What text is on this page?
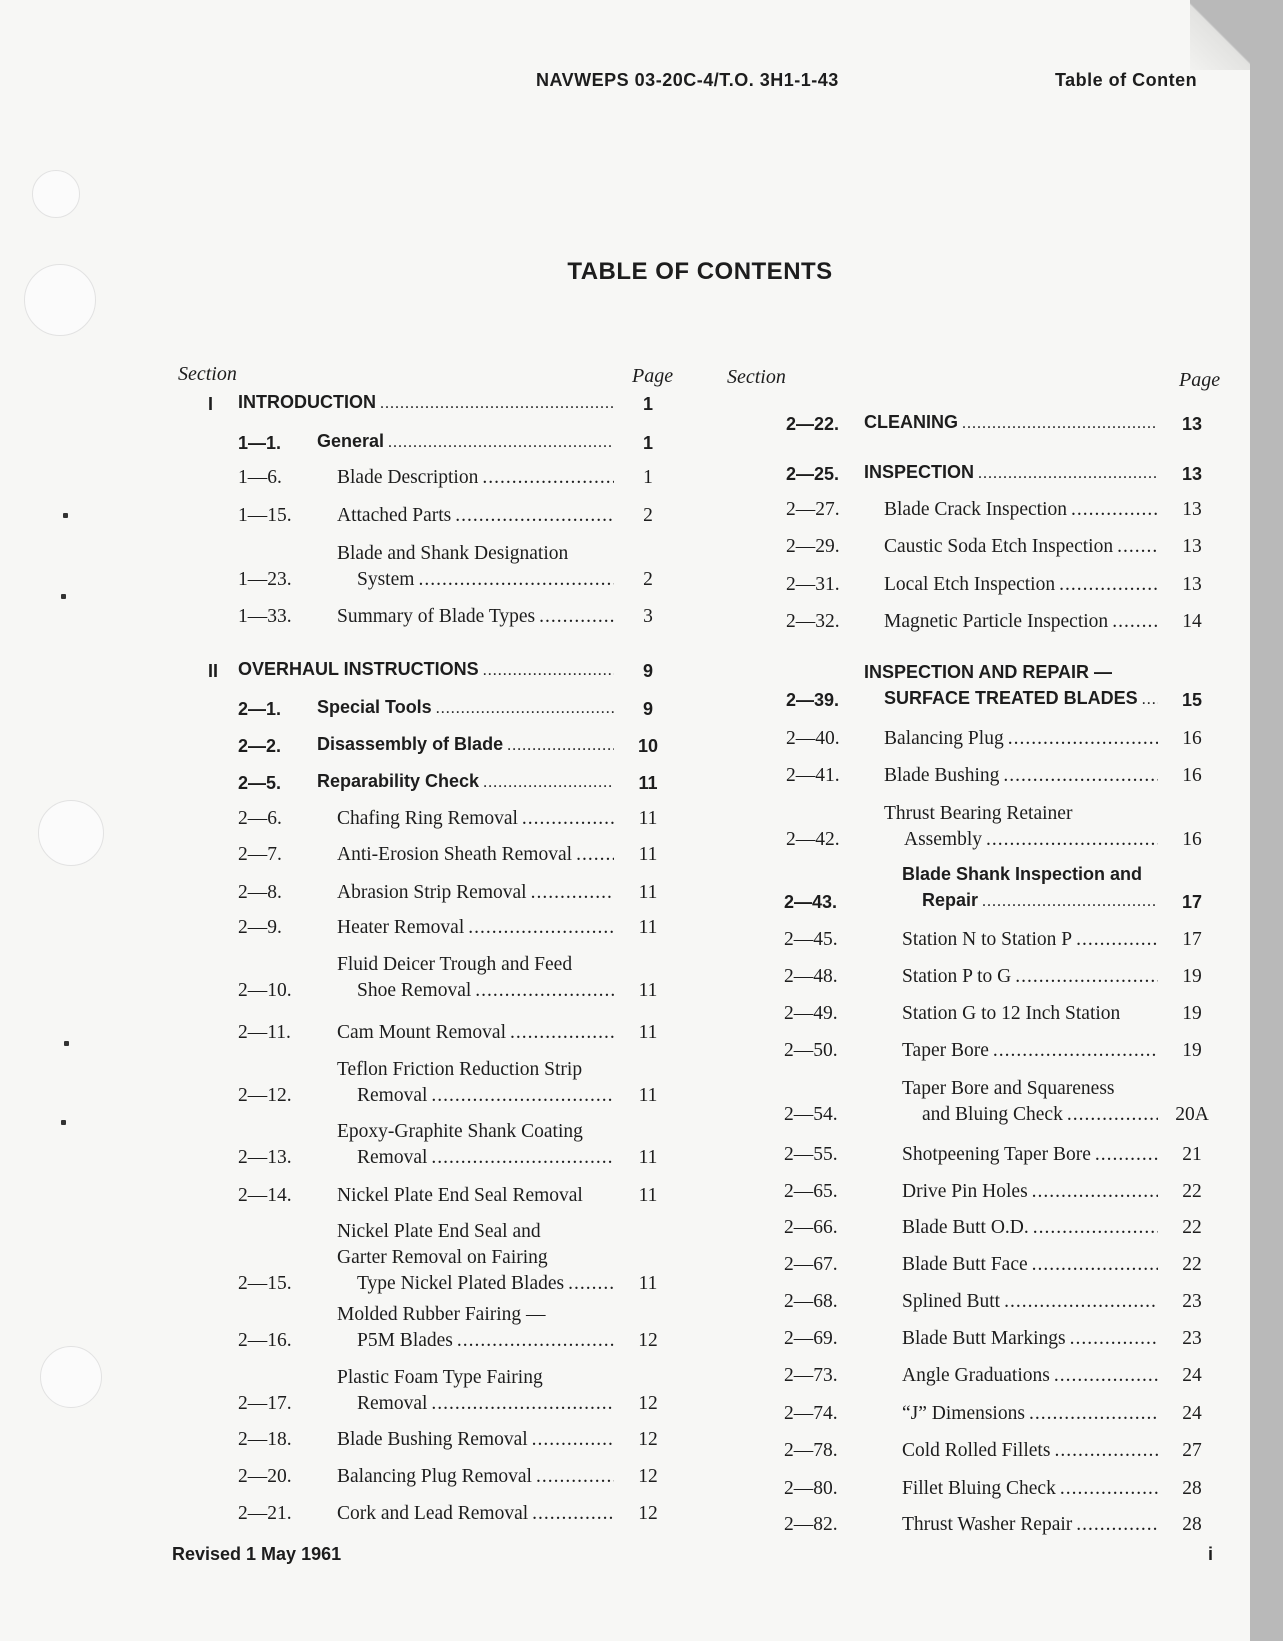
NAVWEPS 03-20C-4/T.O. 3H1-1-43	Table of Conten
TABLE OF CONTENTS
Section	Page	Section	Page
I	INTRODUCTION .....	1
1—1.	General .....	1
1—6.	Blade Description .....	1
1—15.	Attached Parts .....	2
1—23.
Blade and Shank Designation
System .....	2
1—33.	Summary of Blade Types .....	3
II	OVERHAUL INSTRUCTIONS .....	9
2—1.	Special Tools .....	9
2—2.	Disassembly of Blade .....	10
2—5.	Reparability Check .....	11
2—6.	Chafing Ring Removal .....	11
2—7.	Anti-Erosion Sheath Removal .....	11
2—8.	Abrasion Strip Removal .....	11
2—9.	Heater Removal .....	11
2—10.
Fluid Deicer Trough and Feed
Shoe Removal .....	11
2—11.	Cam Mount Removal .....	11
2—12.
Teflon Friction Reduction Strip
Removal .....	11
2—13.
Epoxy-Graphite Shank Coating
Removal .....	11
2—14.	Nickel Plate End Seal Removal	11
2—15.
Nickel Plate End Seal and
Garter Removal on Fairing
Type Nickel Plated Blades .....	11
2—16.
Molded Rubber Fairing —
P5M Blades .....	12
2—17.
Plastic Foam Type Fairing
Removal .....	12
2—18.	Blade Bushing Removal .....	12
2—20.	Balancing Plug Removal .....	12
2—21.	Cork and Lead Removal .....	12
2—22.	CLEANING .....	13
2—25.	INSPECTION .....	13
2—27.	Blade Crack Inspection .....	13
2—29.	Caustic Soda Etch Inspection .....	13
2—31.	Local Etch Inspection .....	13
2—32.	Magnetic Particle Inspection .....	14
2—39.
INSPECTION AND REPAIR —
SURFACE TREATED BLADES .....	15
2—40.	Balancing Plug .....	16
2—41.	Blade Bushing .....	16
2—42.
Thrust Bearing Retainer
Assembly .....	16
2—43.
Blade Shank Inspection and
Repair .....	17
2—45.	Station N to Station P .....	17
2—48.	Station P to G .....	19
2—49.	Station G to 12 Inch Station	19
2—50.	Taper Bore .....	19
2—54.
Taper Bore and Squareness
and Bluing Check .....	20A
2—55.	Shotpeening Taper Bore .....	21
2—65.	Drive Pin Holes .....	22
2—66.	Blade Butt O.D. .....	22
2—67.	Blade Butt Face .....	22
2—68.	Splined Butt .....	23
2—69.	Blade Butt Markings .....	23
2—73.	Angle Graduations .....	24
2—74.	“J” Dimensions .....	24
2—78.	Cold Rolled Fillets .....	27
2—80.	Fillet Bluing Check .....	28
2—82.	Thrust Washer Repair .....	28
Revised 1 May 1961	i
